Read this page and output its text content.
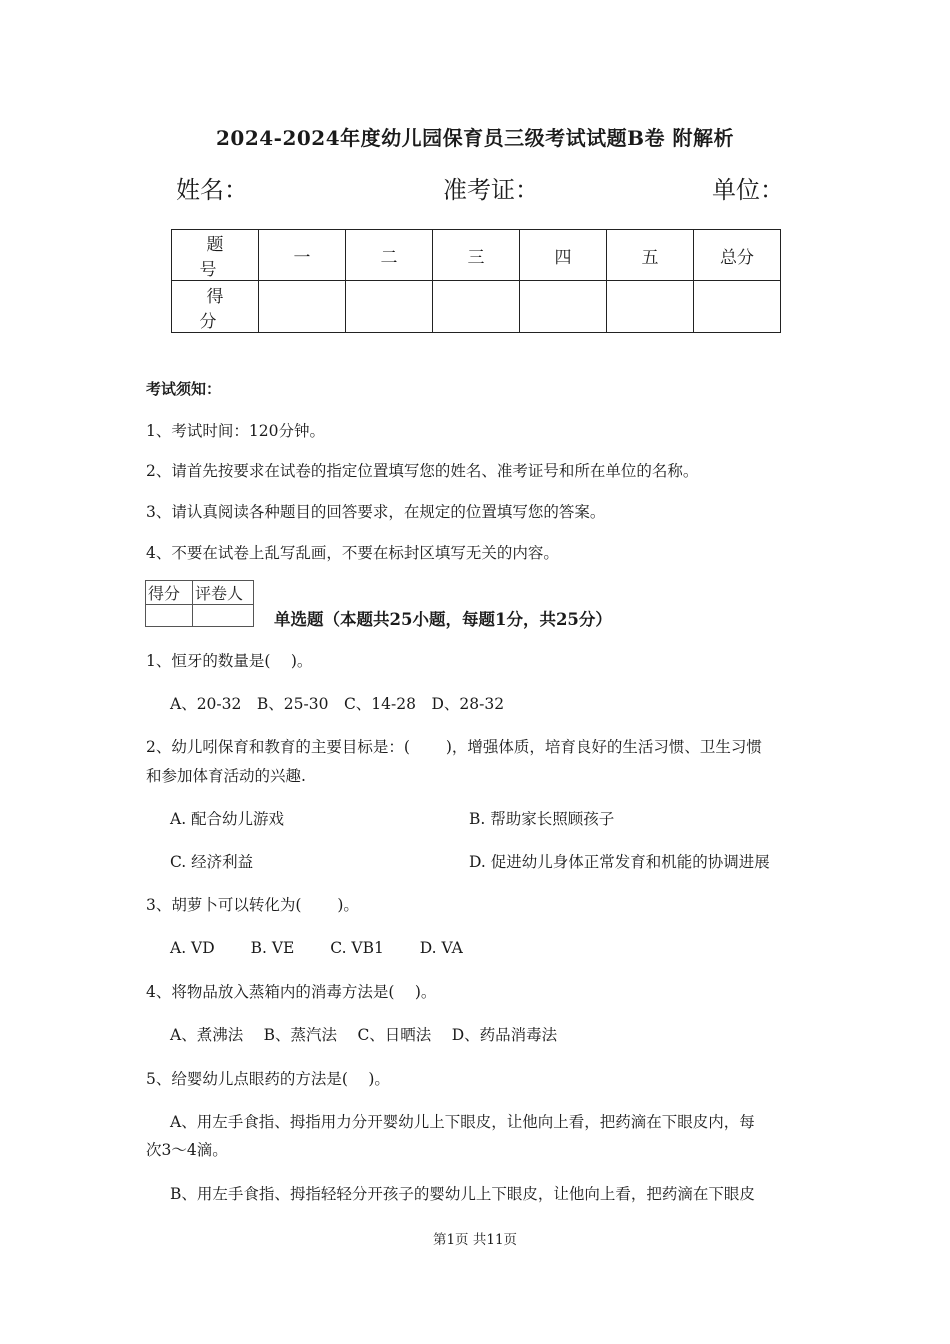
2024-2024年度幼儿园保育员三级考试试题B卷 附解析
姓名：	准考证：	单位：
题　号	一	二	三	四	五	总分
得　分						
考试须知：
1、考试时间：120分钟。
2、请首先按要求在试卷的指定位置填写您的姓名、准考证号和所在单位的名称。
3、请认真阅读各种题目的回答要求，在规定的位置填写您的答案。
4、不要在试卷上乱写乱画，不要在标封区填写无关的内容。
得分	评卷人

单选题（本题共25小题，每题1分，共25分）
1、恒牙的数量是(　 )。
A、20-32　B、25-30　C、14-28　D、28-32
2、幼儿吲保育和教育的主要目标是：(　　 )，增强体质，培育良好的生活习惯、卫生习惯
和参加体育活动的兴趣.
A. 配合幼儿游戏	B. 帮助家长照顾孩子
C. 经济利益	D. 促进幼儿身体正常发育和机能的协调进展
3、胡萝卜可以转化为(　　 )。
A. VD　　 B. VE　　 C. VB1　　 D. VA
4、将物品放入蒸箱内的消毒方法是(　 )。
A、煮沸法　 B、蒸汽法　 C、日晒法　 D、药品消毒法
5、给婴幼儿点眼药的方法是(　 )。
A、用左手食指、拇指用力分开婴幼儿上下眼皮，让他向上看，把药滴在下眼皮内，每
次3～4滴。
B、用左手食指、拇指轻轻分开孩子的婴幼儿上下眼皮，让他向上看，把药滴在下眼皮
第1页 共11页
